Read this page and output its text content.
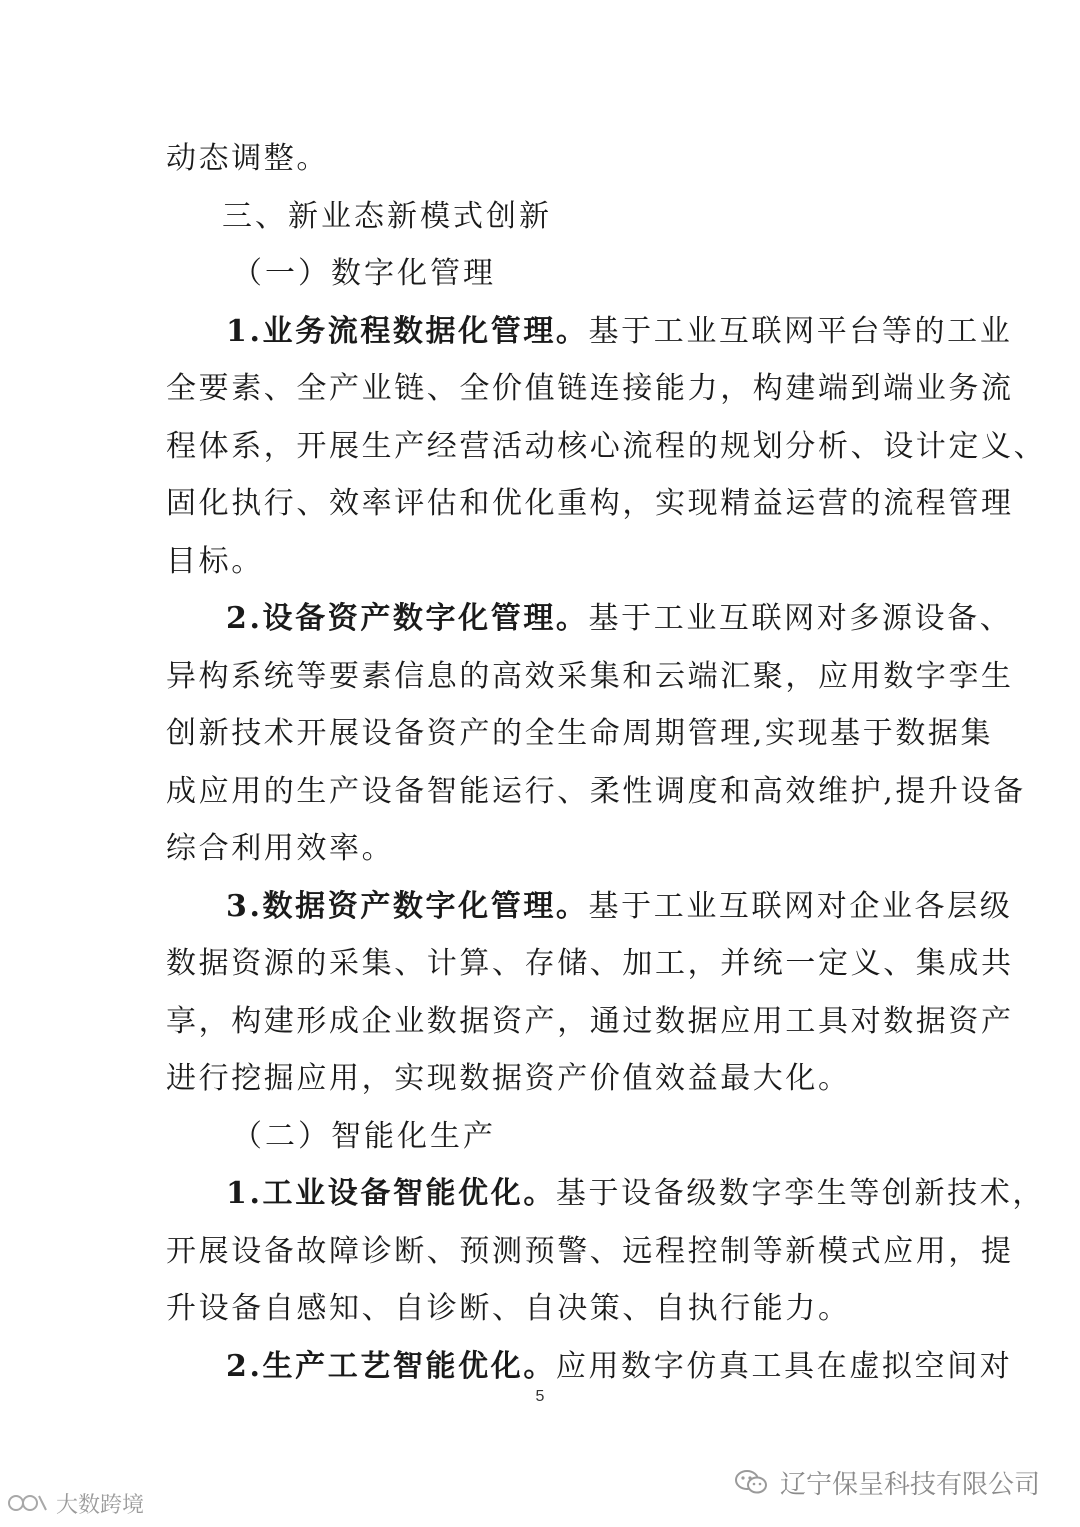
动态调整。
三、新业态新模式创新
（一）数字化管理
1.业务流程数据化管理。基于工业互联网平台等的工业
全要素、全产业链、全价值链连接能力，构建端到端业务流
程体系，开展生产经营活动核心流程的规划分析、设计定义、
固化执行、效率评估和优化重构，实现精益运营的流程管理
目标。
2.设备资产数字化管理。基于工业互联网对多源设备、
异构系统等要素信息的高效采集和云端汇聚，应用数字孪生
创新技术开展设备资产的全生命周期管理,实现基于数据集
成应用的生产设备智能运行、柔性调度和高效维护,提升设备
综合利用效率。
3.数据资产数字化管理。基于工业互联网对企业各层级
数据资源的采集、计算、存储、加工，并统一定义、集成共
享，构建形成企业数据资产，通过数据应用工具对数据资产
进行挖掘应用，实现数据资产价值效益最大化。
（二）智能化生产
1.工业设备智能优化。基于设备级数字孪生等创新技术，
开展设备故障诊断、预测预警、远程控制等新模式应用，提
升设备自感知、自诊断、自决策、自执行能力。
2.生产工艺智能优化。应用数字仿真工具在虚拟空间对
5
辽宁保呈科技有限公司
大数跨境
